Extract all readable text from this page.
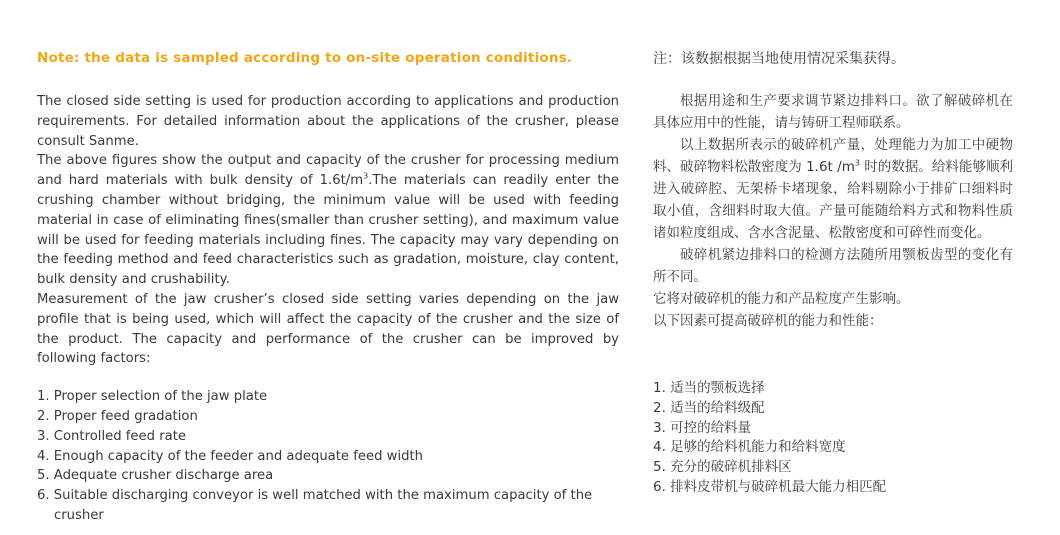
Note: the data is sampled according to on-site operation conditions.

The closed side setting is used for production according to applications and production requirements. For detailed information about the applications of the crusher, please consult Sanme.

The above figures show the output and capacity of the crusher for processing medium and hard materials with bulk density of $1.6t/m^3.The$ materials can readily enter the crushing chamber without bridging, the minimum value will be used with feeding material in case of eliminating fines(smaller than crusher setting), and maximum value will be used for feeding materials including fines. The capacity may vary depending on the feeding method and feed characteristics such as gradation, moisture, clay content, bulk density and crushability.

Measurement of the jaw crusher’s closed side setting varies depending on the jaw profile that is being used, which will affect the capacity of the crusher and the size of the product. The capacity and performance of the crusher can be improved by following factors:

1. Proper selection of the jaw plate
2. Proper feed gradation
3. Controlled feed rate
4. Enough capacity of the feeder and adequate feed width
5. Adequate crusher discharge area
6. Suitable discharging conveyor is well matched with the maximum capacity of the crusher

注：该数据根据当地使用情况采集获得。

根据用途和生产要求调节紧边排料口。欲了解破碎机在具体应用中的性能，请与铸研工程师联系。

以上数据所表示的破碎机产量，处理能力为加工中硬物料、破碎物料松散密度为 1.6t $/m^3$ 时的数据。给料能够顺利进入破碎腔、无架桥卡堵现象，给料剔除小于排矿口细料时取小值，含细料时取大值。产量可能随给料方式和物料性质诸如粒度组成、含水含泥量、松散密度和可碎性而变化。

破碎机紧边排料口的检测方法随所用颚板齿型的变化有所不同。

它将对破碎机的能力和产品粒度产生影响。

以下因素可提高破碎机的能力和性能：

1. 适当的颚板选择
2. 适当的给料级配
3. 可控的给料量
4. 足够的给料机能力和给料宽度
5. 充分的破碎机排料区
6. 排料皮带机与破碎机最大能力相匹配
